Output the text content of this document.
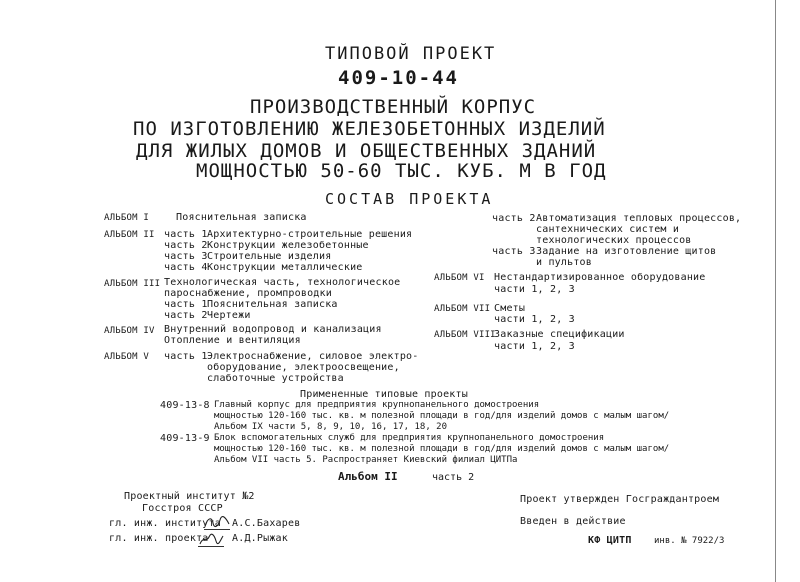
ТИПОВОЙ ПРОЕКТ
409-10-44
ПРОИЗВОДСТВЕННЫЙ КОРПУС
ПО ИЗГОТОВЛЕНИЮ ЖЕЛЕЗОБЕТОННЫХ ИЗДЕЛИЙ
ДЛЯ ЖИЛЫХ ДОМОВ И ОБЩЕСТВЕННЫХ ЗДАНИЙ
МОЩНОСТЬЮ 50-60 ТЫС. КУБ. М В ГОД
СОСТАВ ПРОЕКТА
АЛЬБОМ I	Пояснительная записка
АЛЬБОМ II часть 1 Архитектурно-строительные решения
часть 2 Конструкции железобетонные
часть 3 Строительные изделия
часть 4 Конструкции металлические
АЛЬБОМ III Технологическая часть, технологическое
пароснабжение, промпроводки
часть 1 Пояснительная записка
часть 2 Чертежи
АЛЬБОМ IV Внутренний водопровод и канализация
Отопление и вентиляция
АЛЬБОМ V часть 1 Электроснабжение, силовое электро-
оборудование, электроосвещение,
слаботочные устройства
часть 2 Автоматизация тепловых процессов,
сантехнических систем и
технологических процессов
часть 3 Задание на изготовление щитов
и пультов
АЛЬБОМ VI Нестандартизированное оборудование
части 1, 2, 3
АЛЬБОМ VII Сметы
части 1, 2, 3
АЛЬБОМ VIII
Заказные спецификации
части 1, 2, 3
Примененные типовые проекты
409-13-8 Главный корпус для предприятия крупнопанельного домостроения
мощностью 120-160 тыс. кв. м полезной площади в год/для изделий домов с малым шагом/
Альбом IX части 5, 8, 9, 10, 16, 17, 18, 20
409-13-9 Блок вспомогательных служб для предприятия крупнопанельного домостроения
мощностью 120-160 тыс. кв. м полезной площади в год/для изделий домов с малым шагом/
Альбом VII часть 5. Распространяет Киевский филиал ЦИТПа
Альбом II	часть 2
Проектный институт №2
Госстроя СССР
гл. инж. института А.С.Бахарев
гл. инж. проекта А.Д.Рыжак
Проект утвержден Госграждантроем
Введен в действие
КФ ЦИТП инв. № 7922/3
